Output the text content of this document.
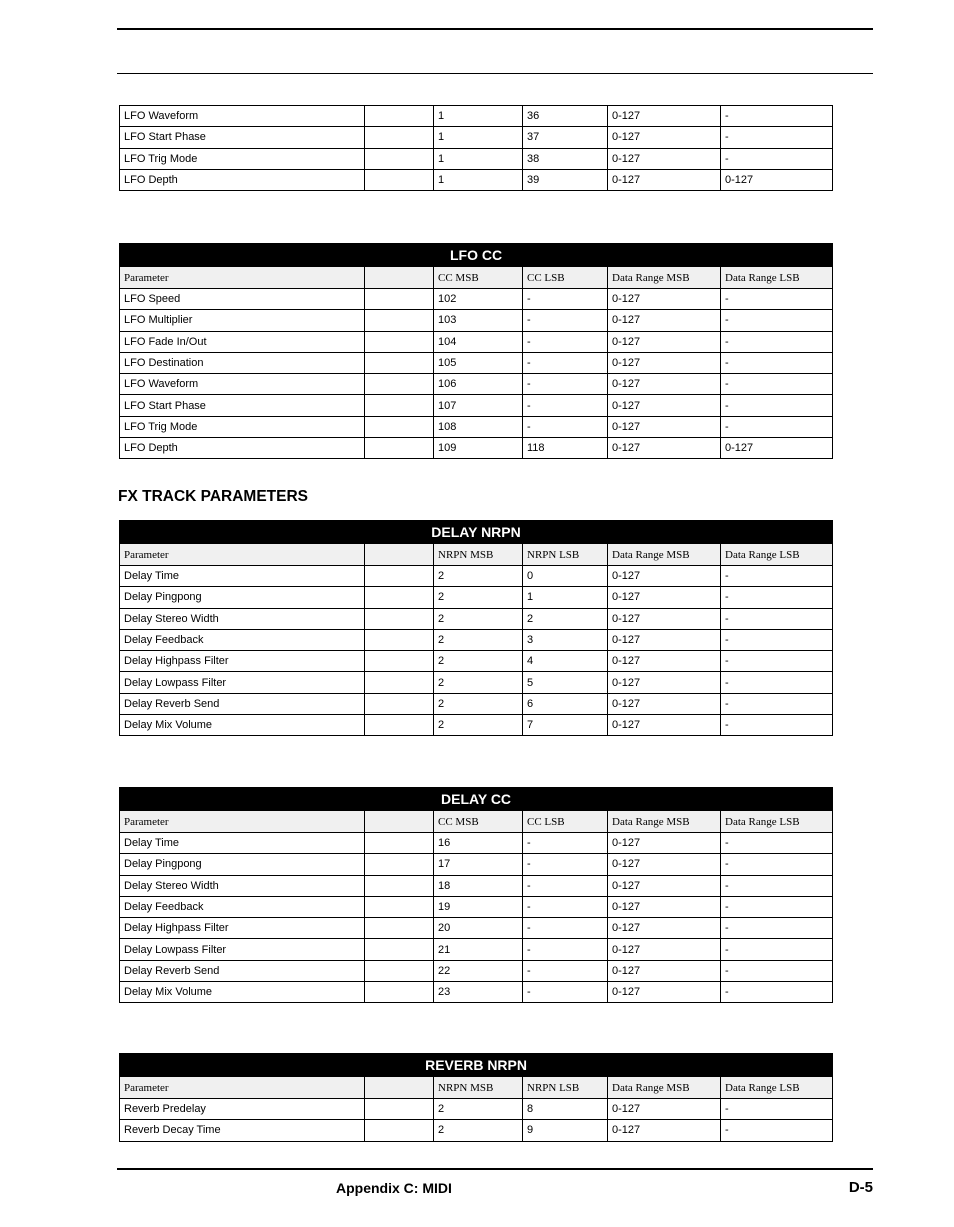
LFO Waveform		1	36	0-127	-
LFO Start Phase		1	37	0-127	-
LFO Trig Mode		1	38	0-127	-
LFO Depth		1	39	0-127	0-127
LFO CC					
Parameter		CC MSB	CC LSB	Data Range MSB	Data Range LSB
LFO Speed		102	-	0-127	-
LFO Multiplier		103	-	0-127	-
LFO Fade In/Out		104	-	0-127	-
LFO Destination		105	-	0-127	-
LFO Waveform		106	-	0-127	-
LFO Start Phase		107	-	0-127	-
LFO Trig Mode		108	-	0-127	-
LFO Depth		109	118	0-127	0-127
FX TRACK PARAMETERS
DELAY NRPN					
Parameter		NRPN MSB	NRPN LSB	Data Range MSB	Data Range LSB
Delay Time		2	0	0-127	-
Delay Pingpong		2	1	0-127	-
Delay Stereo Width		2	2	0-127	-
Delay Feedback		2	3	0-127	-
Delay Highpass Filter		2	4	0-127	-
Delay Lowpass Filter		2	5	0-127	-
Delay Reverb Send		2	6	0-127	-
Delay Mix Volume		2	7	0-127	-
DELAY CC					
Parameter		CC MSB	CC LSB	Data Range MSB	Data Range LSB
Delay Time		16	-	0-127	-
Delay Pingpong		17	-	0-127	-
Delay Stereo Width		18	-	0-127	-
Delay Feedback		19	-	0-127	-
Delay Highpass Filter		20	-	0-127	-
Delay Lowpass Filter		21	-	0-127	-
Delay Reverb Send		22	-	0-127	-
Delay Mix Volume		23	-	0-127	-
REVERB NRPN					
Parameter		NRPN MSB	NRPN LSB	Data Range MSB	Data Range LSB
Reverb Predelay		2	8	0-127	-
Reverb Decay Time		2	9	0-127	-
Appendix C: MIDI	D-5
